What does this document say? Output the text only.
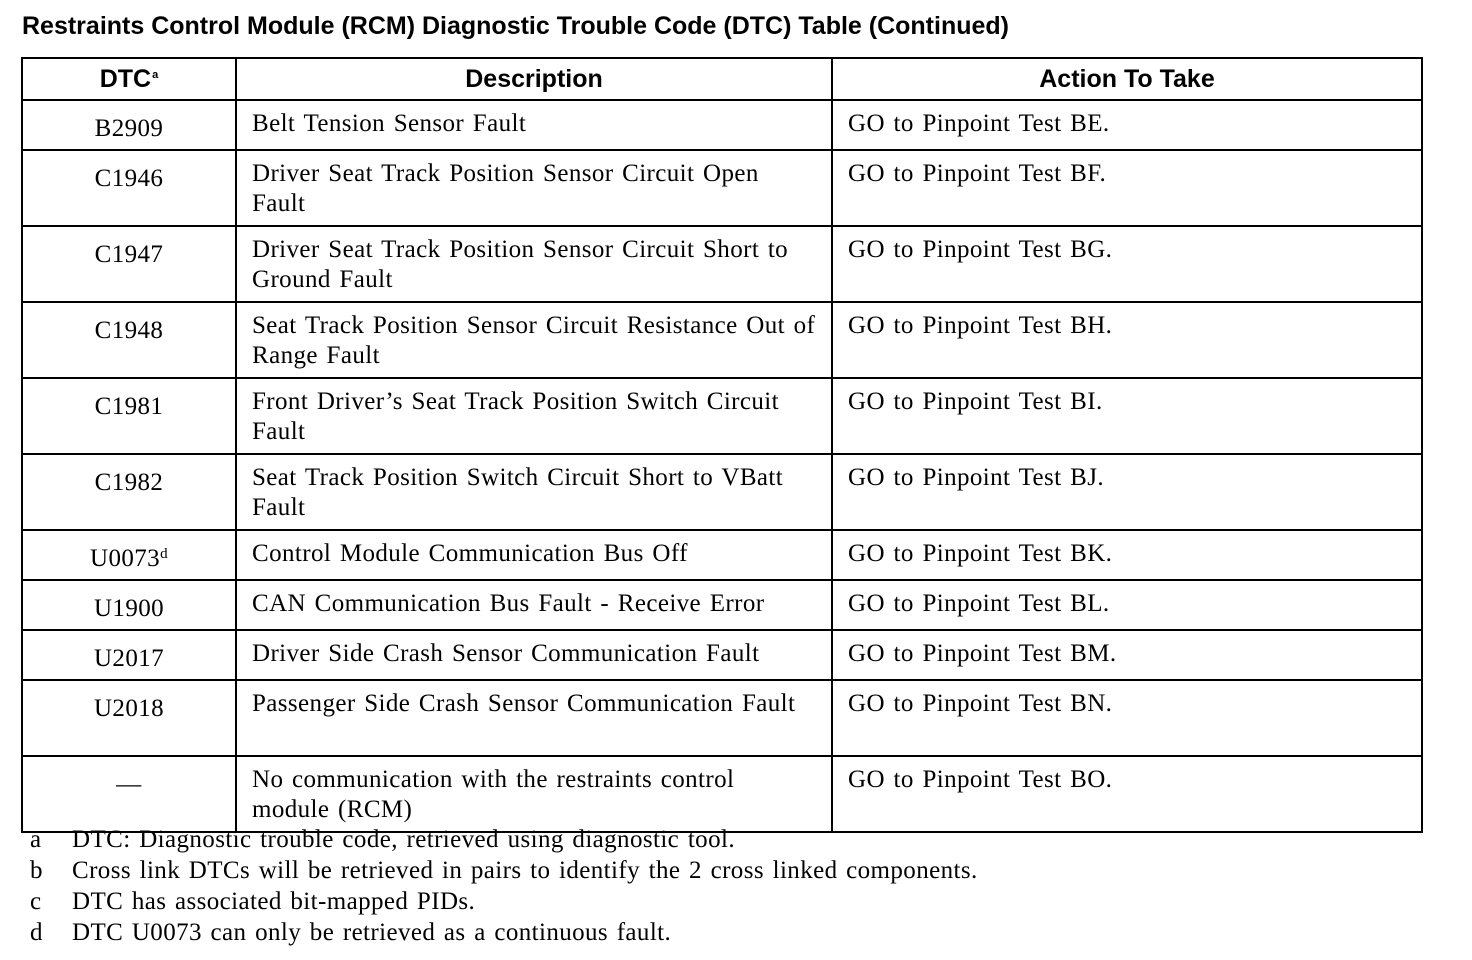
Restraints Control Module (RCM) Diagnostic Trouble Code (DTC) Table (Continued)
DTC$^a$	Description	Action To Take
B2909	Belt Tension Sensor Fault	GO to Pinpoint Test BE.
C1946	Driver Seat Track Position Sensor Circuit Open Fault	GO to Pinpoint Test BF.
C1947	Driver Seat Track Position Sensor Circuit Short to Ground Fault	GO to Pinpoint Test BG.
C1948	Seat Track Position Sensor Circuit Resistance Out of Range Fault	GO to Pinpoint Test BH.
C1981	Front Driver’s Seat Track Position Switch Circuit Fault	GO to Pinpoint Test BI.
C1982	Seat Track Position Switch Circuit Short to VBatt Fault	GO to Pinpoint Test BJ.
U0073$^d$	Control Module Communication Bus Off	GO to Pinpoint Test BK.
U1900	CAN Communication Bus Fault - Receive Error	GO to Pinpoint Test BL.
U2017	Driver Side Crash Sensor Communication Fault	GO to Pinpoint Test BM.
U2018	Passenger Side Crash Sensor Communication Fault	GO to Pinpoint Test BN.
—	No communication with the restraints control module (RCM)	GO to Pinpoint Test BO.
a DTC: Diagnostic trouble code, retrieved using diagnostic tool.
b Cross link DTCs will be retrieved in pairs to identify the 2 cross linked components.
c DTC has associated bit-mapped PIDs.
d DTC U0073 can only be retrieved as a continuous fault.
